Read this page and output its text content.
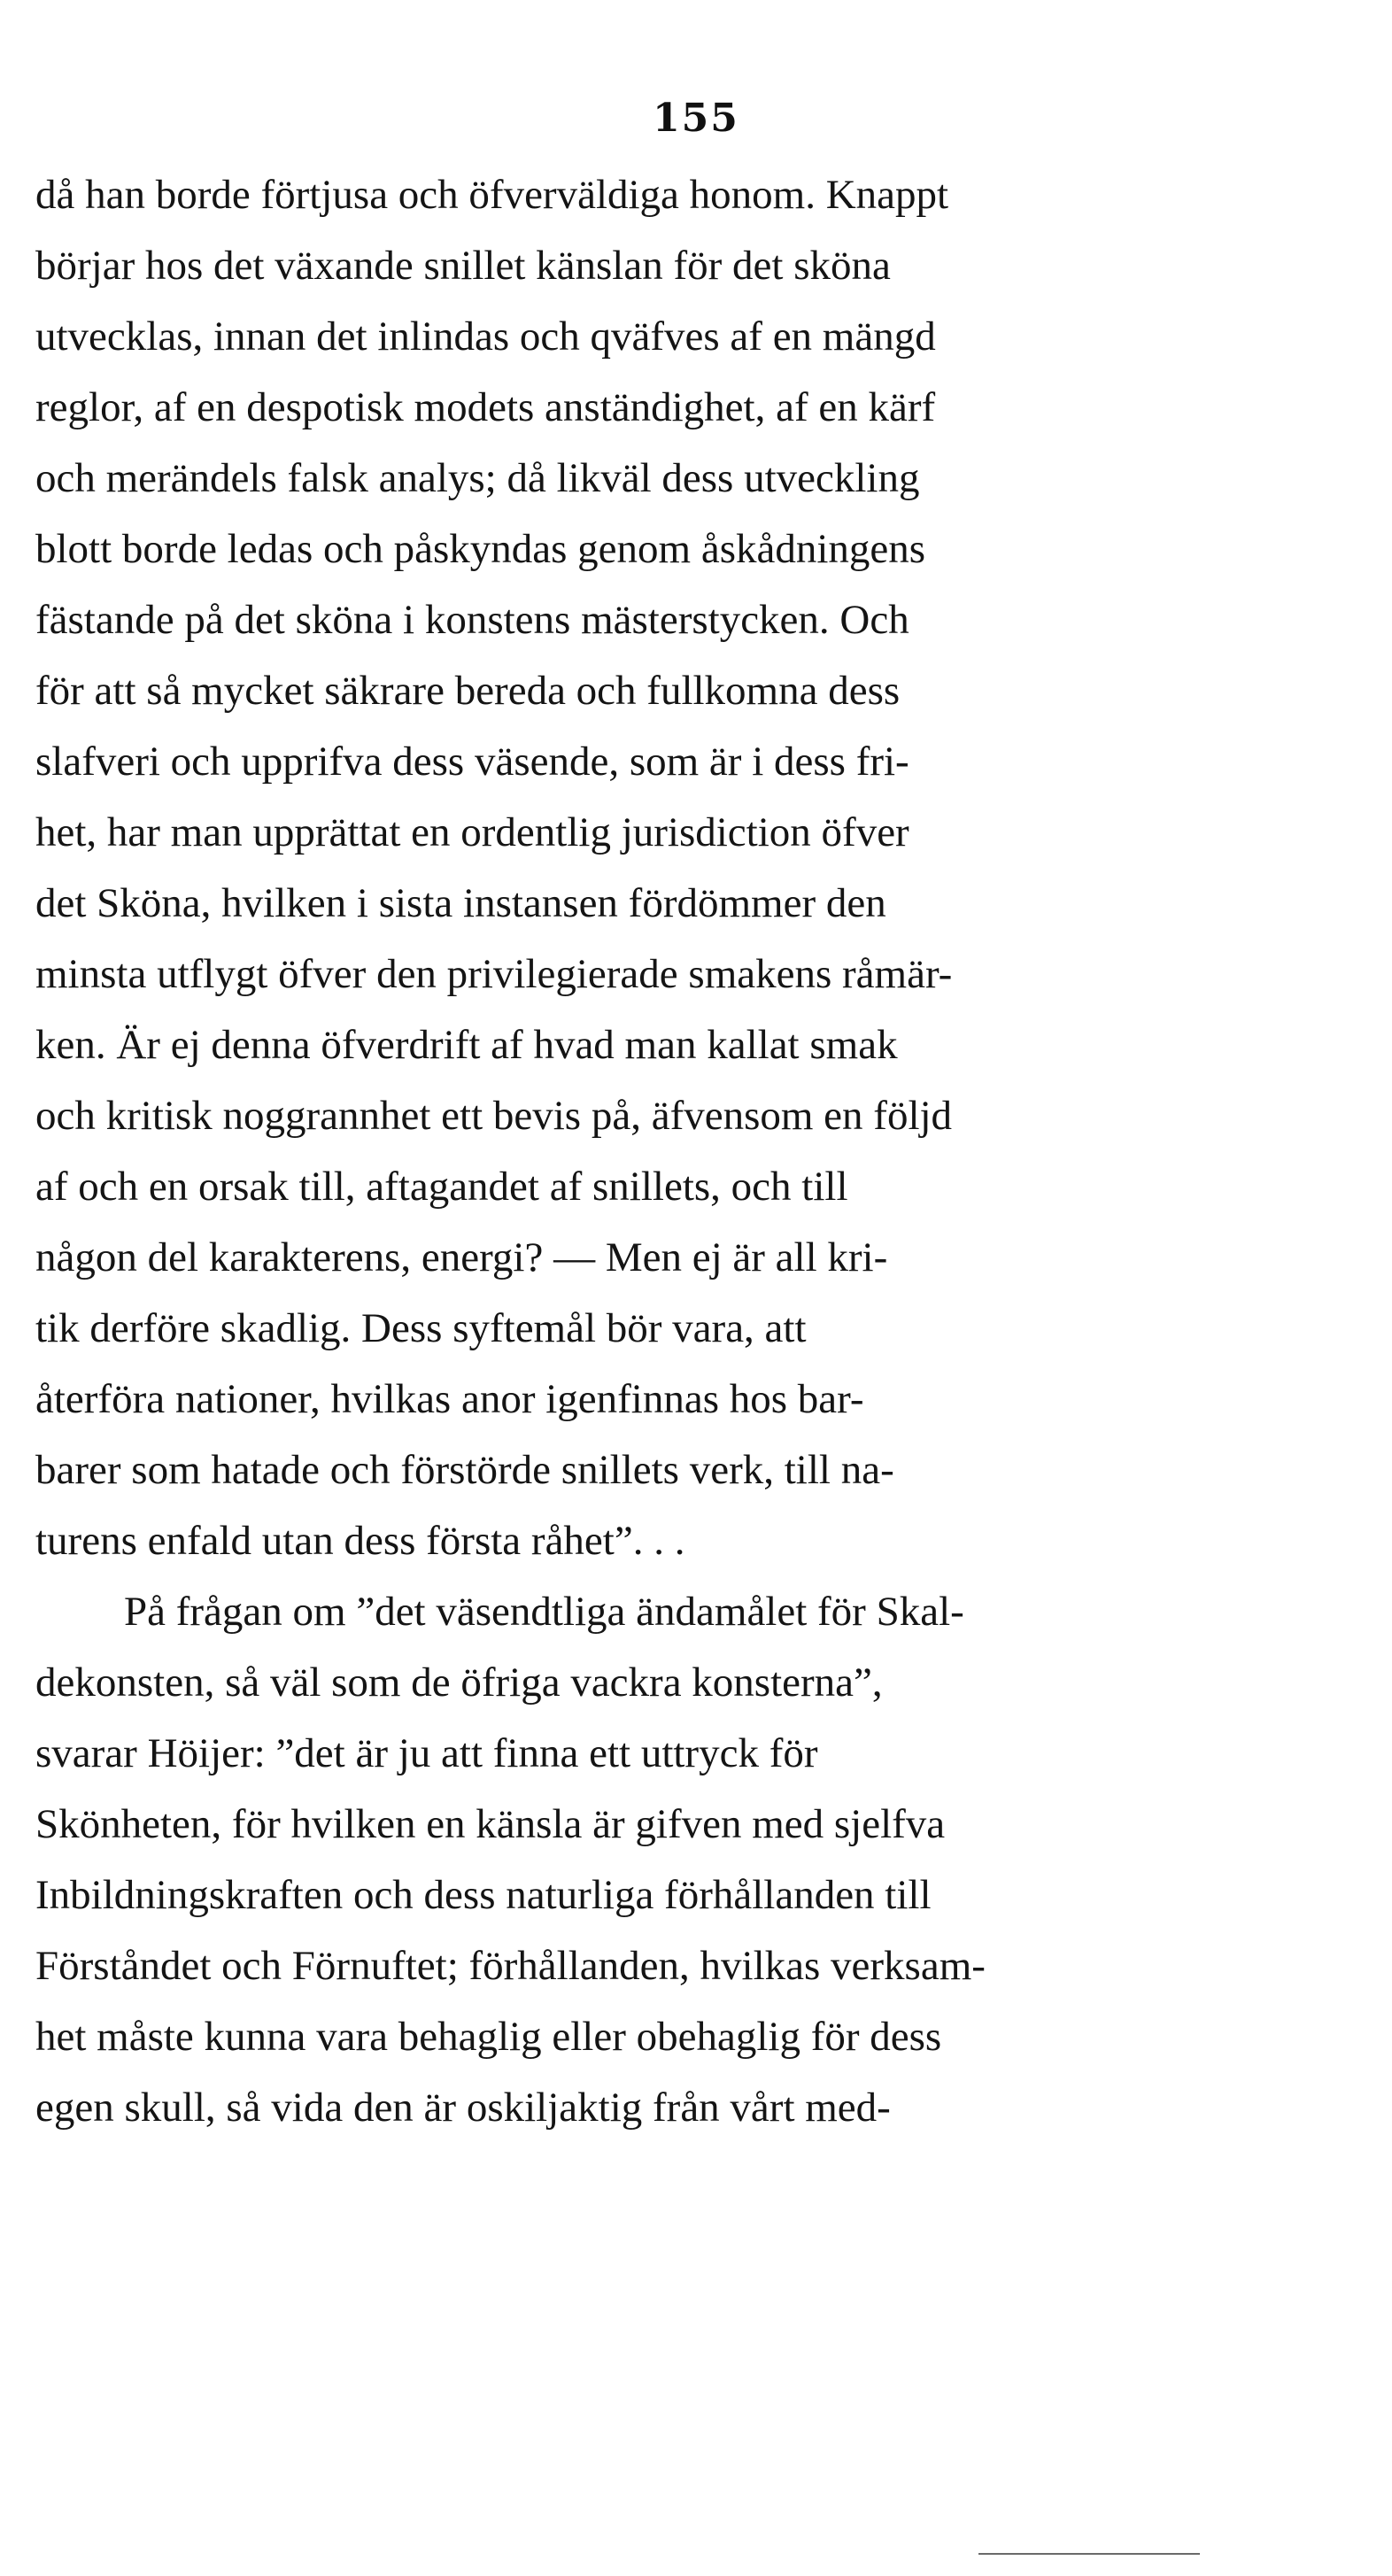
155
då han borde förtjusa och öfverväldiga honom. Knappt
börjar hos det växande snillet känslan för det sköna
utvecklas, innan det inlindas och qväfves af en mängd
reglor, af en despotisk modets anständighet, af en kärf
och merändels falsk analys; då likväl dess utveckling
blott borde ledas och påskyndas genom åskådningens
fästande på det sköna i konstens mästerstycken. Och
för att så mycket säkrare bereda och fullkomna dess
slafveri och upprifva dess väsende, som är i dess fri-
het, har man upprättat en ordentlig jurisdiction öfver
det Sköna, hvilken i sista instansen fördömmer den
minsta utflygt öfver den privilegierade smakens råmär-
ken. Är ej denna öfverdrift af hvad man kallat smak
och kritisk noggrannhet ett bevis på, äfvensom en följd
af och en orsak till, aftagandet af snillets, och till
någon del karakterens, energi? — Men ej är all kri-
tik derföre skadlig. Dess syftemål bör vara, att
återföra nationer, hvilkas anor igenfinnas hos bar-
barer som hatade och förstörde snillets verk, till na-
turens enfald utan dess första råhet”. . .
På frågan om ”det väsendtliga ändamålet för Skal-
dekonsten, så väl som de öfriga vackra konsterna”,
svarar Höijer: ”det är ju att finna ett uttryck för
Skönheten, för hvilken en känsla är gifven med sjelfva
Inbildningskraften och dess naturliga förhållanden till
Förståndet och Förnuftet; förhållanden, hvilkas verksam-
het måste kunna vara behaglig eller obehaglig för dess
egen skull, så vida den är oskiljaktig från vårt med-
